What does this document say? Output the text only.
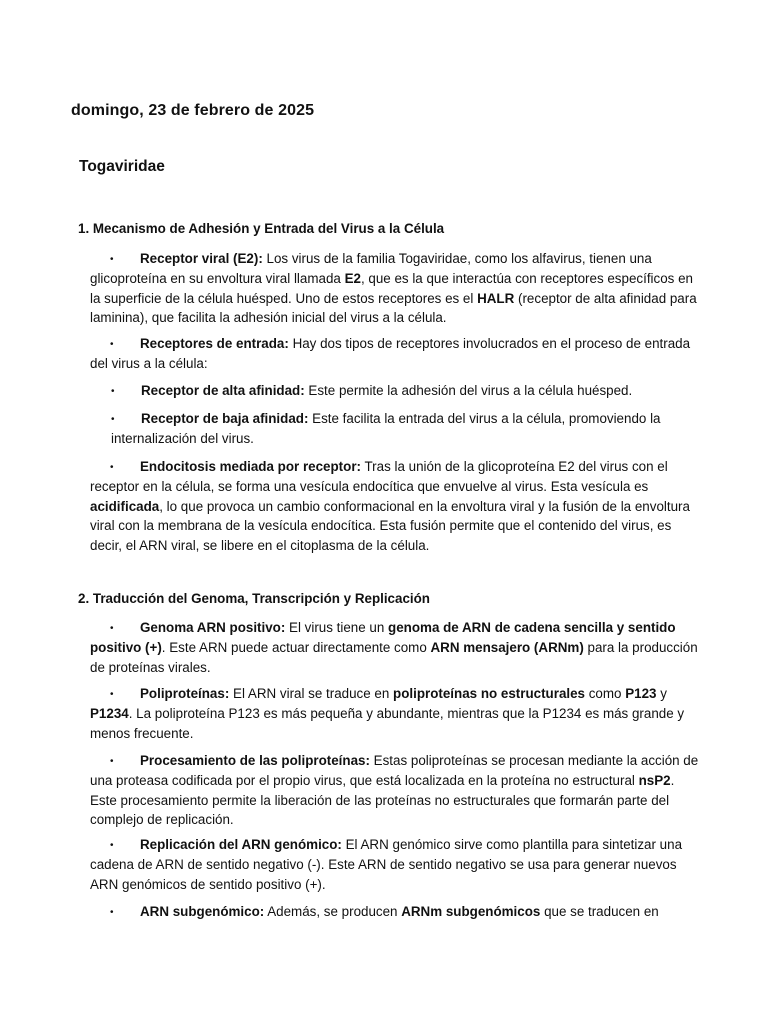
domingo, 23 de febrero de 2025
Togaviridae
1. Mecanismo de Adhesión y Entrada del Virus a la Célula
• Receptor viral (E2): Los virus de la familia Togaviridae, como los alfavirus, tienen una glicoproteína en su envoltura viral llamada E2, que es la que interactúa con receptores específicos en la superficie de la célula huésped. Uno de estos receptores es el HALR (receptor de alta afinidad para laminina), que facilita la adhesión inicial del virus a la célula.
• Receptores de entrada: Hay dos tipos de receptores involucrados en el proceso de entrada del virus a la célula:
• Receptor de alta afinidad: Este permite la adhesión del virus a la célula huésped.
• Receptor de baja afinidad: Este facilita la entrada del virus a la célula, promoviendo la internalización del virus.
• Endocitosis mediada por receptor: Tras la unión de la glicoproteína E2 del virus con el receptor en la célula, se forma una vesícula endocítica que envuelve al virus. Esta vesícula es acidificada, lo que provoca un cambio conformacional en la envoltura viral y la fusión de la envoltura viral con la membrana de la vesícula endocítica. Esta fusión permite que el contenido del virus, es decir, el ARN viral, se libere en el citoplasma de la célula.
2. Traducción del Genoma, Transcripción y Replicación
• Genoma ARN positivo: El virus tiene un genoma de ARN de cadena sencilla y sentido positivo (+). Este ARN puede actuar directamente como ARN mensajero (ARNm) para la producción de proteínas virales.
• Poliproteínas: El ARN viral se traduce en poliproteínas no estructurales como P123 y P1234. La poliproteína P123 es más pequeña y abundante, mientras que la P1234 es más grande y menos frecuente.
• Procesamiento de las poliproteínas: Estas poliproteínas se procesan mediante la acción de una proteasa codificada por el propio virus, que está localizada en la proteína no estructural nsP2. Este procesamiento permite la liberación de las proteínas no estructurales que formarán parte del complejo de replicación.
• Replicación del ARN genómico: El ARN genómico sirve como plantilla para sintetizar una cadena de ARN de sentido negativo (-). Este ARN de sentido negativo se usa para generar nuevos ARN genómicos de sentido positivo (+).
• ARN subgenómico: Además, se producen ARNm subgenómicos que se traducen en
